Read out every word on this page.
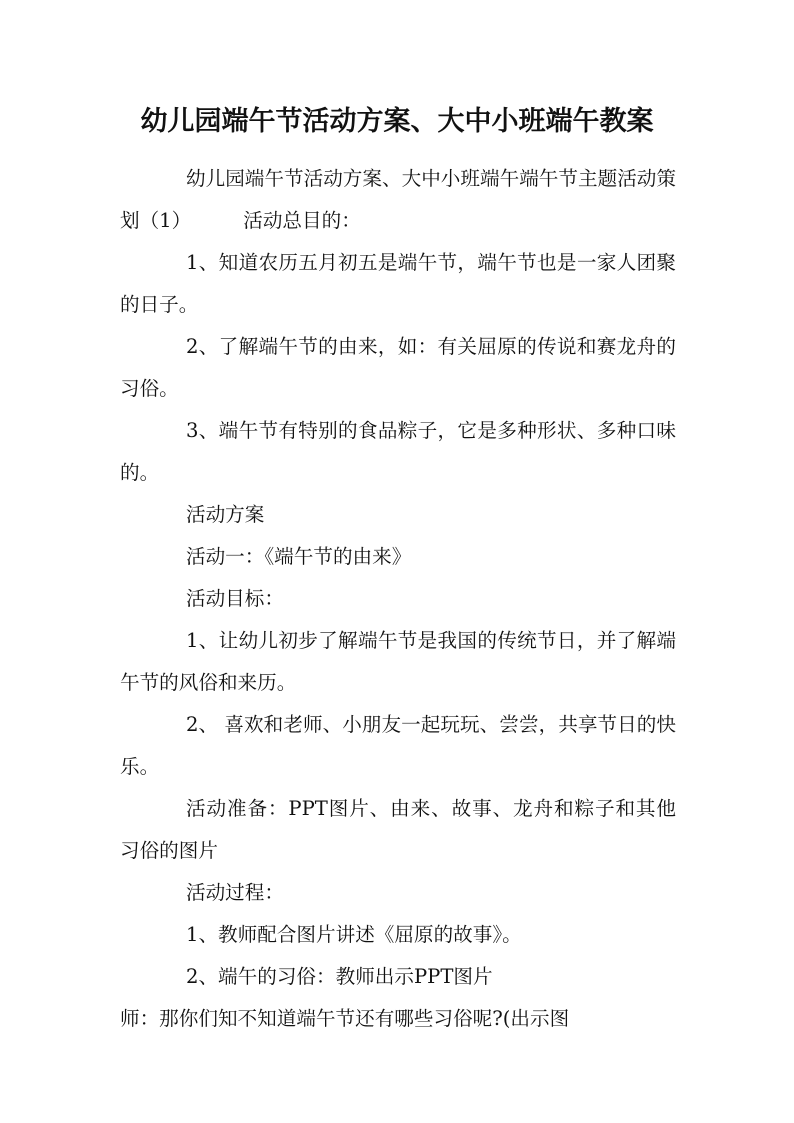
幼儿园端午节活动方案、大中小班端午教案

幼儿园端午节活动方案、大中小班端午端午节主题活动策划（1）	活动总目的：

1、知道农历五月初五是端午节，端午节也是一家人团聚的日子。

2、了解端午节的由来，如：有关屈原的传说和赛龙舟的习俗。

3、端午节有特别的食品粽子，它是多种形状、多种口味的。

活动方案

活动一：《端午节的由来》

活动目标：

1、让幼儿初步了解端午节是我国的传统节日，并了解端午节的风俗和来历。

2、 喜欢和老师、小朋友一起玩玩、尝尝，共享节日的快乐。

活动准备：PPT图片、由来、故事、龙舟和粽子和其他习俗的图片

活动过程：

1、教师配合图片讲述《屈原的故事》。

2、端午的习俗：教师出示PPT图片

师：那你们知不知道端午节还有哪些习俗呢?(出示图
